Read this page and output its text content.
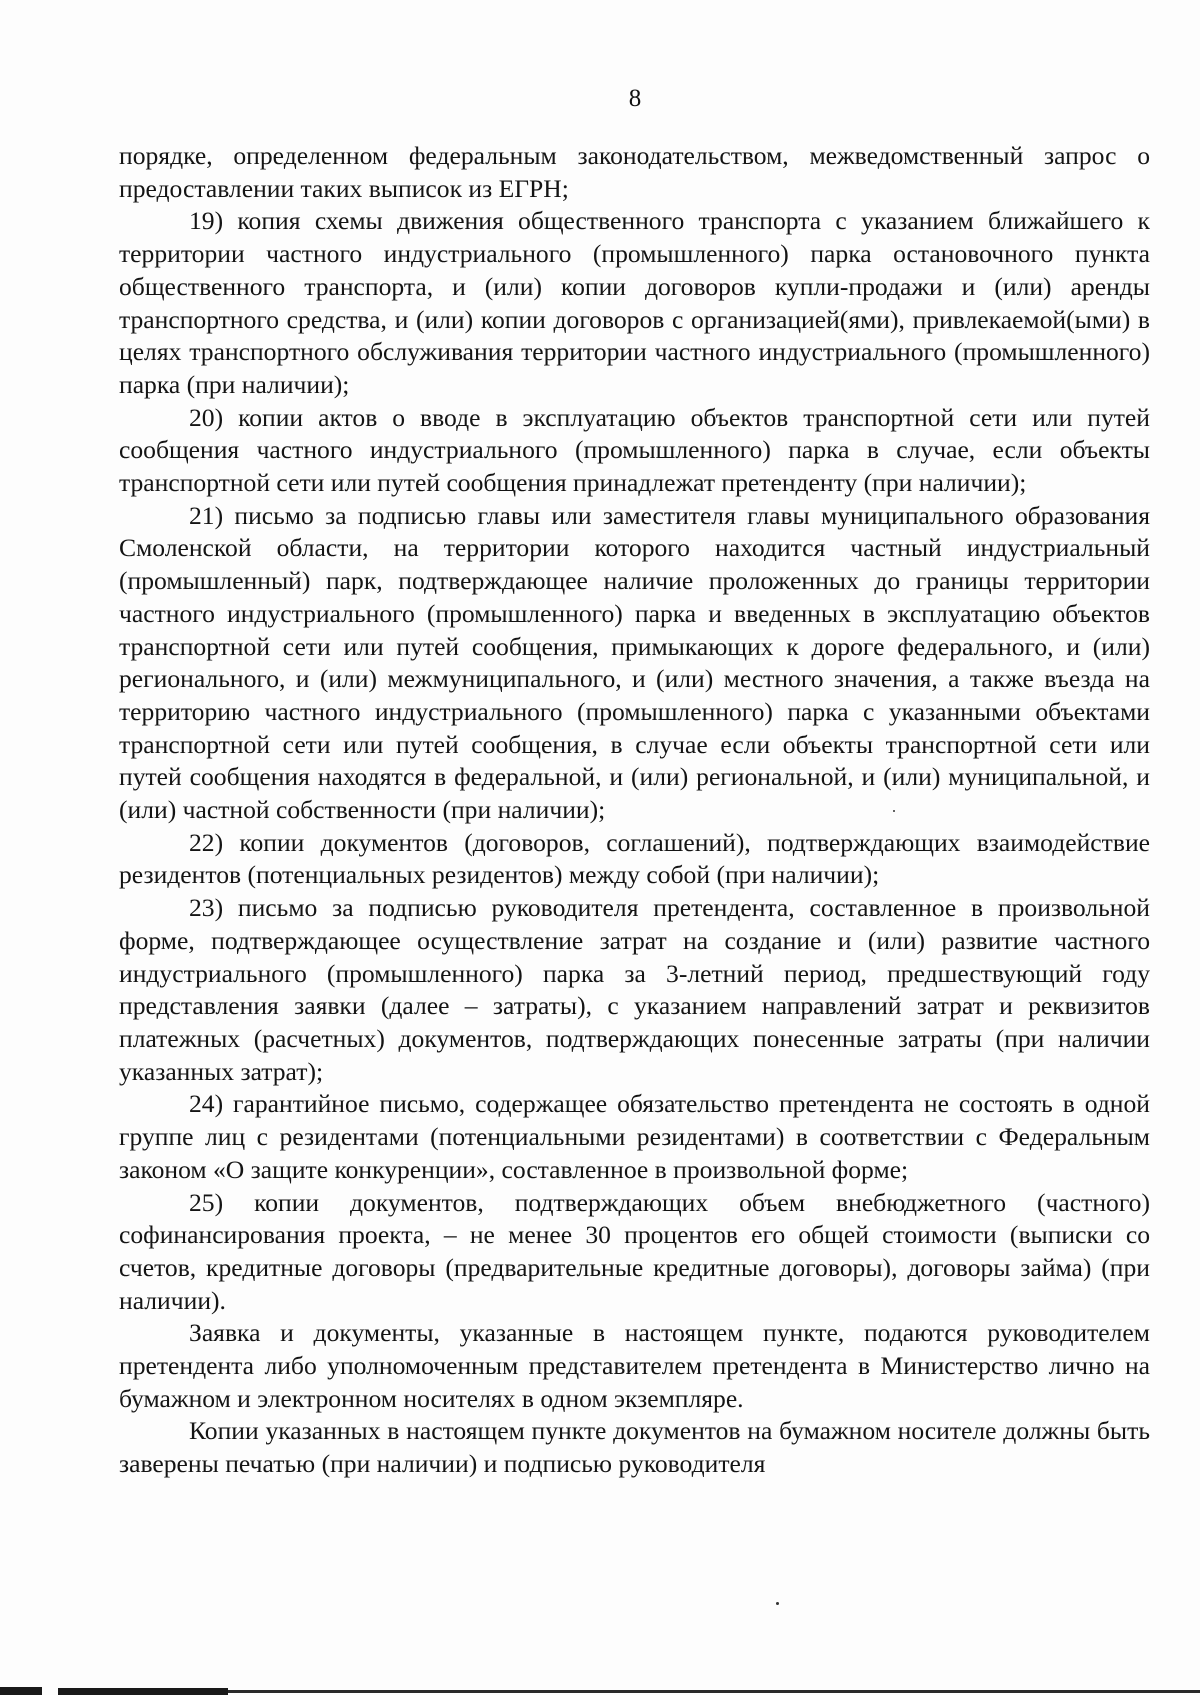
8

порядке, определенном федеральным законодательством, межведомственный запрос о предоставлении таких выписок из ЕГРН;

19) копия схемы движения общественного транспорта с указанием ближайшего к территории частного индустриального (промышленного) парка остановочного пункта общественного транспорта, и (или) копии договоров купли-продажи и (или) аренды транспортного средства, и (или) копии договоров с организацией(ями), привлекаемой(ыми) в целях транспортного обслуживания территории частного индустриального (промышленного) парка (при наличии);

20) копии актов о вводе в эксплуатацию объектов транспортной сети или путей сообщения частного индустриального (промышленного) парка в случае, если объекты транспортной сети или путей сообщения принадлежат претенденту (при наличии);

21) письмо за подписью главы или заместителя главы муниципального образования Смоленской области, на территории которого находится частный индустриальный (промышленный) парк, подтверждающее наличие проложенных до границы территории частного индустриального (промышленного) парка и введенных в эксплуатацию объектов транспортной сети или путей сообщения, примыкающих к дороге федерального, и (или) регионального, и (или) межмуниципального, и (или) местного значения, а также въезда на территорию частного индустриального (промышленного) парка с указанными объектами транспортной сети или путей сообщения, в случае если объекты транспортной сети или путей сообщения находятся в федеральной, и (или) региональной, и (или) муниципальной, и (или) частной собственности (при наличии);

22) копии документов (договоров, соглашений), подтверждающих взаимодействие резидентов (потенциальных резидентов) между собой (при наличии);

23) письмо за подписью руководителя претендента, составленное в произвольной форме, подтверждающее осуществление затрат на создание и (или) развитие частного индустриального (промышленного) парка за 3-летний период, предшествующий году представления заявки (далее – затраты), с указанием направлений затрат и реквизитов платежных (расчетных) документов, подтверждающих понесенные затраты (при наличии указанных затрат);

24) гарантийное письмо, содержащее обязательство претендента не состоять в одной группе лиц с резидентами (потенциальными резидентами) в соответствии с Федеральным законом «О защите конкуренции», составленное в произвольной форме;

25) копии документов, подтверждающих объем внебюджетного (частного) софинансирования проекта, – не менее 30 процентов его общей стоимости (выписки со счетов, кредитные договоры (предварительные кредитные договоры), договоры займа) (при наличии).

Заявка и документы, указанные в настоящем пункте, подаются руководителем претендента либо уполномоченным представителем претендента в Министерство лично на бумажном и электронном носителях в одном экземпляре.

Копии указанных в настоящем пункте документов на бумажном носителе должны быть заверены печатью (при наличии) и подписью руководителя
